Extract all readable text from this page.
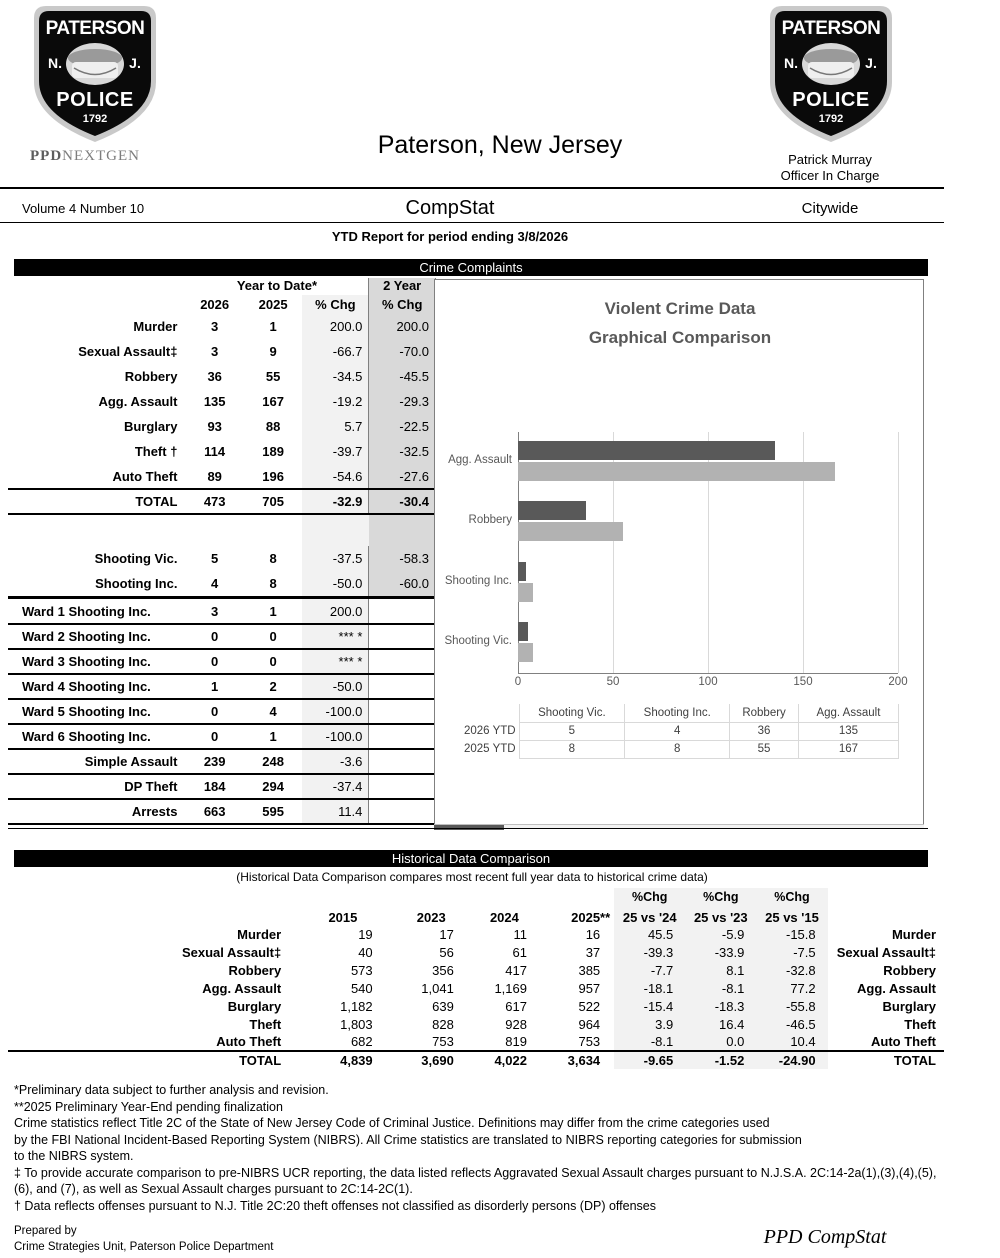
PATERSON
N.	J.
POLICE
1792
PATERSON
N.	J.
POLICE
1792
PPDNEXTGEN	Paterson, New Jersey
Patrick Murray
Officer In Charge
Volume 4 Number 10	CompStat	Citywide
YTD Report for period ending 3/8/2026
Crime Complaints
	Year to Date*			2 Year
	2026	2025	% Chg	% Chg
Murder	3	1	200.0	200.0
Sexual Assault‡	3	9	-66.7	-70.0
Robbery	36	55	-34.5	-45.5
Agg. Assault	135	167	-19.2	-29.3
Burglary	93	88	5.7	-22.5
Theft †	114	189	-39.7	-32.5
Auto Theft	89	196	-54.6	-27.6
TOTAL	473	705	-32.9	-30.4

Shooting Vic.	5	8	-37.5	-58.3
Shooting Inc.	4	8	-50.0	-60.0

Ward 1 Shooting Inc.	3	1	200.0	
Ward 2 Shooting Inc.	0	0	*** *	
Ward 3 Shooting Inc.	0	0	*** *	
Ward 4 Shooting Inc.	1	2	-50.0	
Ward 5 Shooting Inc.	0	4	-100.0	
Ward 6 Shooting Inc.	0	1	-100.0	
Simple Assault	239	248	-3.6	
DP Theft	184	294	-37.4	
Arrests	663	595	11.4	
Violent Crime Data
Graphical Comparison
Shooting Vic.
Shooting Inc.
Robbery
Agg. Assault
0	50	100	150	200
	Shooting Vic.	Shooting Inc.	Robbery	Agg. Assault
2026 YTD	5	4	36	135
2025 YTD	8	8	55	167
Historical Data Comparison
(Historical Data Comparison compares most recent full year data to historical crime data)
					%Chg	%Chg	%Chg	
	2015	2023	2024	2025**	25 vs '24	25 vs '23	25 vs '15	
Murder	19	17	11	16	45.5	-5.9	-15.8	Murder
Sexual Assault‡	40	56	61	37	-39.3	-33.9	-7.5	Sexual Assault‡
Robbery	573	356	417	385	-7.7	8.1	-32.8	Robbery
Agg. Assault	540	1,041	1,169	957	-18.1	-8.1	77.2	Agg. Assault
Burglary	1,182	639	617	522	-15.4	-18.3	-55.8	Burglary
Theft	1,803	828	928	964	3.9	16.4	-46.5	Theft
Auto Theft	682	753	819	753	-8.1	0.0	10.4	Auto Theft
TOTAL	4,839	3,690	4,022	3,634	-9.65	-1.52	-24.90	TOTAL
*Preliminary data subject to further analysis and revision.
**2025 Preliminary Year-End pending finalization
Crime statistics reflect Title 2C of the State of New Jersey Code of Criminal Justice. Definitions may differ from the crime categories used
by the FBI National Incident-Based Reporting System (NIBRS). All Crime statistics are translated to NIBRS reporting categories for submission
to the NIBRS system.
‡ To provide accurate comparison to pre-NIBRS UCR reporting, the data listed reflects Aggravated Sexual Assault charges pursuant to N.J.S.A. 2C:14-2a(1),(3),(4),(5),
(6), and (7), as well as Sexual Assault charges pursuant to 2C:14-2C(1).
† Data reflects offenses pursuant to N.J. Title 2C:20 theft offenses not classified as disorderly persons (DP) offenses
Prepared by
Crime Strategies Unit, Paterson Police Department	PPD CompStat
